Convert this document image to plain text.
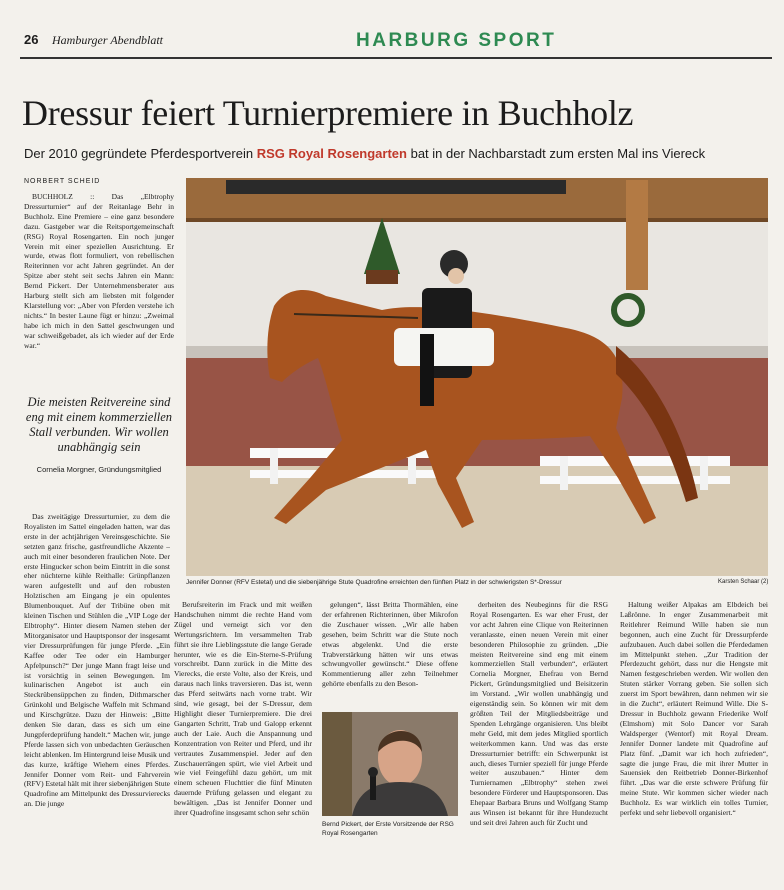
26 Hamburger Abendblatt	HARBURG SPORT
Dressur feiert Turnierpremiere in Buchholz
Der 2010 gegründete Pferdesportverein RSG Royal Rosengarten bat in der Nachbarstadt zum ersten Mal ins Viereck
NORBERT SCHEID

BUCHHOLZ :: Das „Elbtrophy Dressurturnier“ auf der Reitanlage Behr in Buchholz. Eine Premiere – eine ganz besondere dazu. Gastgeber war die Reitsportgemeinschaft (RSG) Royal Rosengarten. Ein noch junger Verein mit einer speziellen Ausrichtung. Er wurde, etwas flott formuliert, von rebellischen Reiterinnen vor acht Jahren gegründet. An der Spitze aber steht seit sechs Jahren ein Mann: Bernd Pickert. Der Unternehmensberater aus Harburg stellt sich am liebsten mit folgender Klarstellung vor: „Aber von Pferden verstehe ich nichts.“ In bester Laune fügt er hinzu: „Zweimal habe ich mich in den Sattel geschwungen und war schweißgebadet, als ich wieder auf der Erde war.“

Die meisten Reitvereine sind eng mit einem kommerziellen Stall verbunden. Wir wollen unabhängig sein
Cornelia Morgner, Gründungsmitglied
Jennifer Donner (RFV Estetal) und die siebenjährige Stute Quadrofine erreichten den fünften Platz in der schwierigsten S*-Dressur	Karsten Schaar (2)

Das zweitägige Dressurturnier, zu dem die Royalisten im Sattel eingeladen hatten, war das erste in der achtjährigen Vereinsgeschichte. Sie setzten ganz frische, gastfreundliche Akzente – auch mit einer besonderen fraulichen Note. Der erste Hingucker schon beim Eintritt in die sonst eher nüchterne kühle Reithalle: Grünpflanzen waren aufgestellt und auf den robusten Holztischen am Eingang je ein opulentes Blumenbouquet. Auf der Tribüne oben mit kleinen Tischen und Stühlen die „VIP Loge der Elbtrophy“. Hinter diesem Namen stehen der Mitorganisator und Hauptsponsor der insgesamt vier Dressurprüfungen für junge Pferde. „Ein Kaffee oder Tee oder ein Hamburger Apfelpunsch?“ Der junge Mann fragt leise und ist vorsichtig in seinen Bewegungen. Im kulinarischen Angebot ist auch ein Steckrübensüppchen zu finden, Dithmarscher Grünkohl und Belgische Waffeln mit Schmand und Kirschgrütze. Dazu der Hinweis: „Bitte denken Sie daran, dass es sich um eine Jungpferdeprüfung handelt.“ Machen wir, junge Pferde lassen sich von unbedachten Geräuschen leicht ablenken. Im Hintergrund leise Musik und das kurze, kräftige Wiehern eines Pferdes. Jennifer Donner vom Reit- und Fahrverein (RFV) Estetal hält mit ihrer siebenjährigen Stute Quadrofine am Mittelpunkt des Dressurvierecks an. Die junge

Berufsreiterin im Frack und mit weißen Handschuhen nimmt die rechte Hand vom Zügel und verneigt sich vor den Wertungsrichtern. Im versammelten Trab führt sie ihre Lieblingsstute die lange Gerade herunter, wie es die Ein-Sterne-S-Prüfung vorschreibt. Dann zurück in die Mitte des Vierecks, die erste Volte, also der Kreis, und daraus nach links traversieren. Das ist, wenn das Pferd seitwärts nach vorne trabt. Wir sind, wie gesagt, bei der S-Dressur, dem Highlight dieser Turnierpremiere. Die drei Gangarten Schritt, Trab und Galopp erkennt auch der Laie. Auch die Anspannung und Konzentration von Reiter und Pferd, und ihr vertrautes Zusammenspiel. Jeder auf den Zuschauerrängen spürt, wie viel Arbeit und wie viel Feingefühl dazu gehört, um mit einem scheuen Fluchttier die fünf Minuten dauernde Prüfung gelassen und elegant zu bewältigen. „Das ist Jennifer Donner und ihrer Quadrofine insgesamt schon sehr schön

gelungen“, lässt Britta Thormählen, eine der erfahrenen Richterinnen, über Mikrofon die Zuschauer wissen. „Wir alle haben gesehen, beim Schritt war die Stute noch etwas abgelenkt. Und die erste Trabverstärkung hätten wir uns etwas schwungvoller gewünscht.“ Diese offene Kommentierung aller zehn Teilnehmer gehörte ebenfalls zu den Beson-

Bernd Pickert, der Erste Vorsitzende der RSG Royal Rosengarten

derheiten des Neubeginns für die RSG Royal Rosengarten. Es war eher Frust, der vor acht Jahren eine Clique von Reiterinnen veranlasste, einen neuen Verein mit einer besonderen Philosophie zu gründen. „Die meisten Reitvereine sind eng mit einem kommerziellen Stall verbunden“, erläutert Cornelia Morgner, Ehefrau von Bernd Pickert, Gründungsmitglied und Beisitzerin im Vorstand. „Wir wollen unabhängig und eigenständig sein. So können wir mit dem größten Teil der Mitgliedsbeiträge und Spenden Lehrgänge organisieren. Uns bleibt mehr Geld, mit dem jedes Mitglied sportlich weiterkommen kann. Und was das erste Dressurturnier betrifft: ein Schwerpunkt ist auch, dieses Turnier speziell für junge Pferde weiter auszubauen.“ Hinter dem Turniernamen „Elbtrophy“ stehen zwei besondere Förderer und Hauptsponsoren. Das Ehepaar Barbara Bruns und Wolfgang Stamp aus Winsen ist bekannt für ihre Hundezucht und seit drei Jahren auch für Zucht und

Haltung weißer Alpakas am Elbdeich bei Laßrönne. In enger Zusammenarbeit mit Reitlehrer Reimund Wille haben sie nun begonnen, auch eine Zucht für Dressurpferde aufzubauen. Auch dabei sollen die Pferdedamen im Mittelpunkt stehen. „Zur Tradition der Pferdezucht gehört, dass nur die Hengste mit Namen festgeschrieben werden. Wir wollen den Stuten stärker Vorrang geben. Sie sollen sich zuerst im Sport bewähren, dann nehmen wir sie in die Zucht“, erläutert Reimund Wille. Die S-Dressur in Buchholz gewann Friederike Wolf (Elmshorn) mit Solo Dancer vor Sarah Waldsperger (Wentorf) mit Royal Dream. Jennifer Donner landete mit Quadrofine auf Platz fünf. „Damit war ich hoch zufrieden“, sagte die junge Frau, die mit ihrer Mutter in Sauensiek den Reitbetrieb Donner-Birkenhof führt. „Das war die erste schwere Prüfung für meine Stute. Wir kommen sicher wieder nach Buchholz. Es war wirklich ein tolles Turnier, perfekt und sehr liebevoll organisiert.“
